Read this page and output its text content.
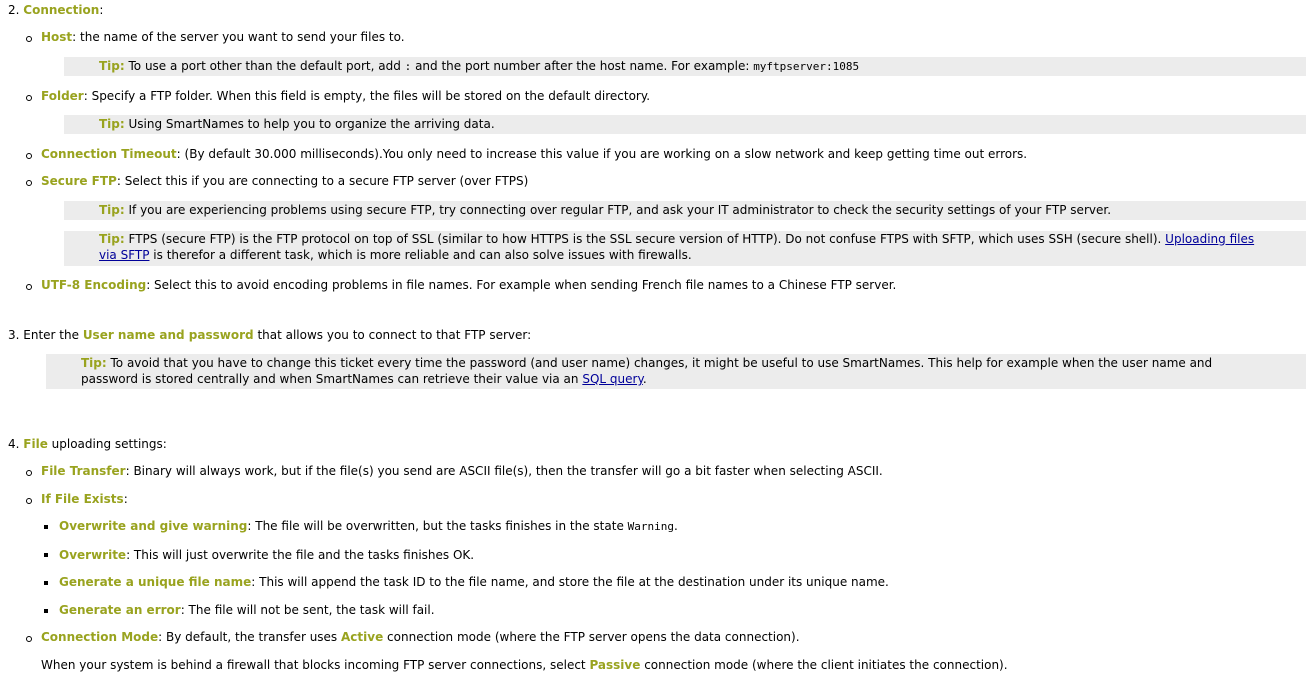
2. Connection:
Host: the name of the server you want to send your files to.
Tip: To use a port other than the default port, add : and the port number after the host name. For example: myftpserver:1085
Folder: Specify a FTP folder. When this field is empty, the files will be stored on the default directory.
Tip: Using SmartNames to help you to organize the arriving data.
Connection Timeout: (By default 30.000 milliseconds).You only need to increase this value if you are working on a slow network and keep getting time out errors.
Secure FTP: Select this if you are connecting to a secure FTP server (over FTPS)
Tip: If you are experiencing problems using secure FTP, try connecting over regular FTP, and ask your IT administrator to check the security settings of your FTP server.
Tip: FTPS (secure FTP) is the FTP protocol on top of SSL (similar to how HTTPS is the SSL secure version of HTTP). Do not confuse FTPS with SFTP, which uses SSH (secure shell). Uploading files
via SFTP is therefor a different task, which is more reliable and can also solve issues with firewalls.
UTF-8 Encoding: Select this to avoid encoding problems in file names. For example when sending French file names to a Chinese FTP server.
3. Enter the User name and password that allows you to connect to that FTP server:
Tip: To avoid that you have to change this ticket every time the password (and user name) changes, it might be useful to use SmartNames. This help for example when the user name and
password is stored centrally and when SmartNames can retrieve their value via an SQL query.
4. File uploading settings:
File Transfer: Binary will always work, but if the file(s) you send are ASCII file(s), then the transfer will go a bit faster when selecting ASCII.
If File Exists:
Overwrite and give warning: The file will be overwritten, but the tasks finishes in the state Warning.
Overwrite: This will just overwrite the file and the tasks finishes OK.
Generate a unique file name: This will append the task ID to the file name, and store the file at the destination under its unique name.
Generate an error: The file will not be sent, the task will fail.
Connection Mode: By default, the transfer uses Active connection mode (where the FTP server opens the data connection).
When your system is behind a firewall that blocks incoming FTP server connections, select Passive connection mode (where the client initiates the connection).
